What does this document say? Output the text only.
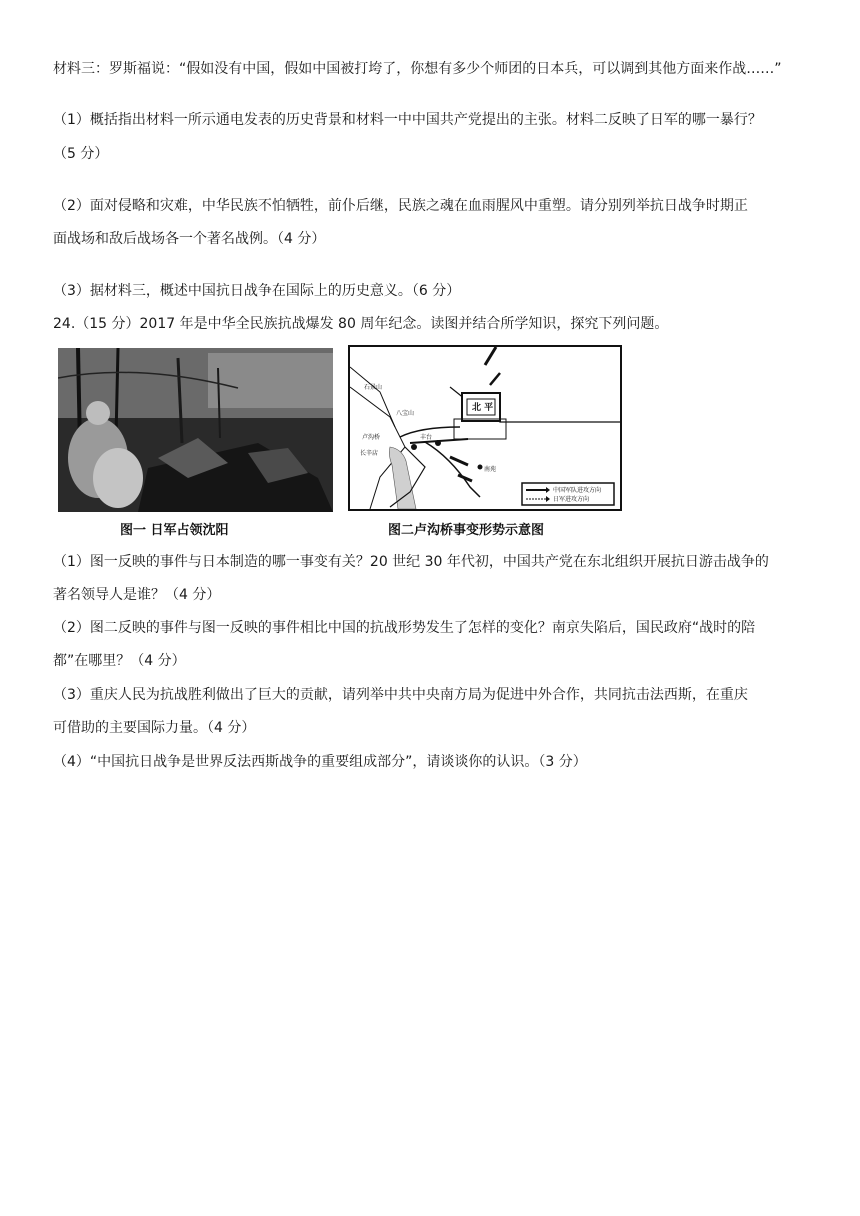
材料三：罗斯福说：“假如没有中国，假如中国被打垮了，你想有多少个师团的日本兵，可以调到其他方面来作战……”
（1）概括指出材料一所示通电发表的历史背景和材料一中中国共产党提出的主张。材料二反映了日军的哪一暴行？
（5 分）
（2）面对侵略和灾难，中华民族不怕牺牲，前仆后继，民族之魂在血雨腥风中重塑。请分别列举抗日战争时期正
面战场和敌后战场各一个著名战例。（4 分）
（3）据材料三，概述中国抗日战争在国际上的历史意义。（6 分）
24.（15 分）2017 年是中华全民族抗战爆发 80 周年纪念。读图并结合所学知识，探究下列问题。
北 平
石景山
八宝山
卢沟桥	丰台
长辛店
南苑
中国军队进攻方向
日军进攻方向
图一 日军占领沈阳	图二卢沟桥事变形势示意图
（1）图一反映的事件与日本制造的哪一事变有关？20 世纪 30 年代初，中国共产党在东北组织开展抗日游击战争的
著名领导人是谁？（4 分）
（2）图二反映的事件与图一反映的事件相比中国的抗战形势发生了怎样的变化？南京失陷后，国民政府“战时的陪
都”在哪里？（4 分）
（3）重庆人民为抗战胜利做出了巨大的贡献，请列举中共中央南方局为促进中外合作，共同抗击法西斯，在重庆
可借助的主要国际力量。（4 分）
（4）“中国抗日战争是世界反法西斯战争的重要组成部分”，请谈谈你的认识。（3 分）
